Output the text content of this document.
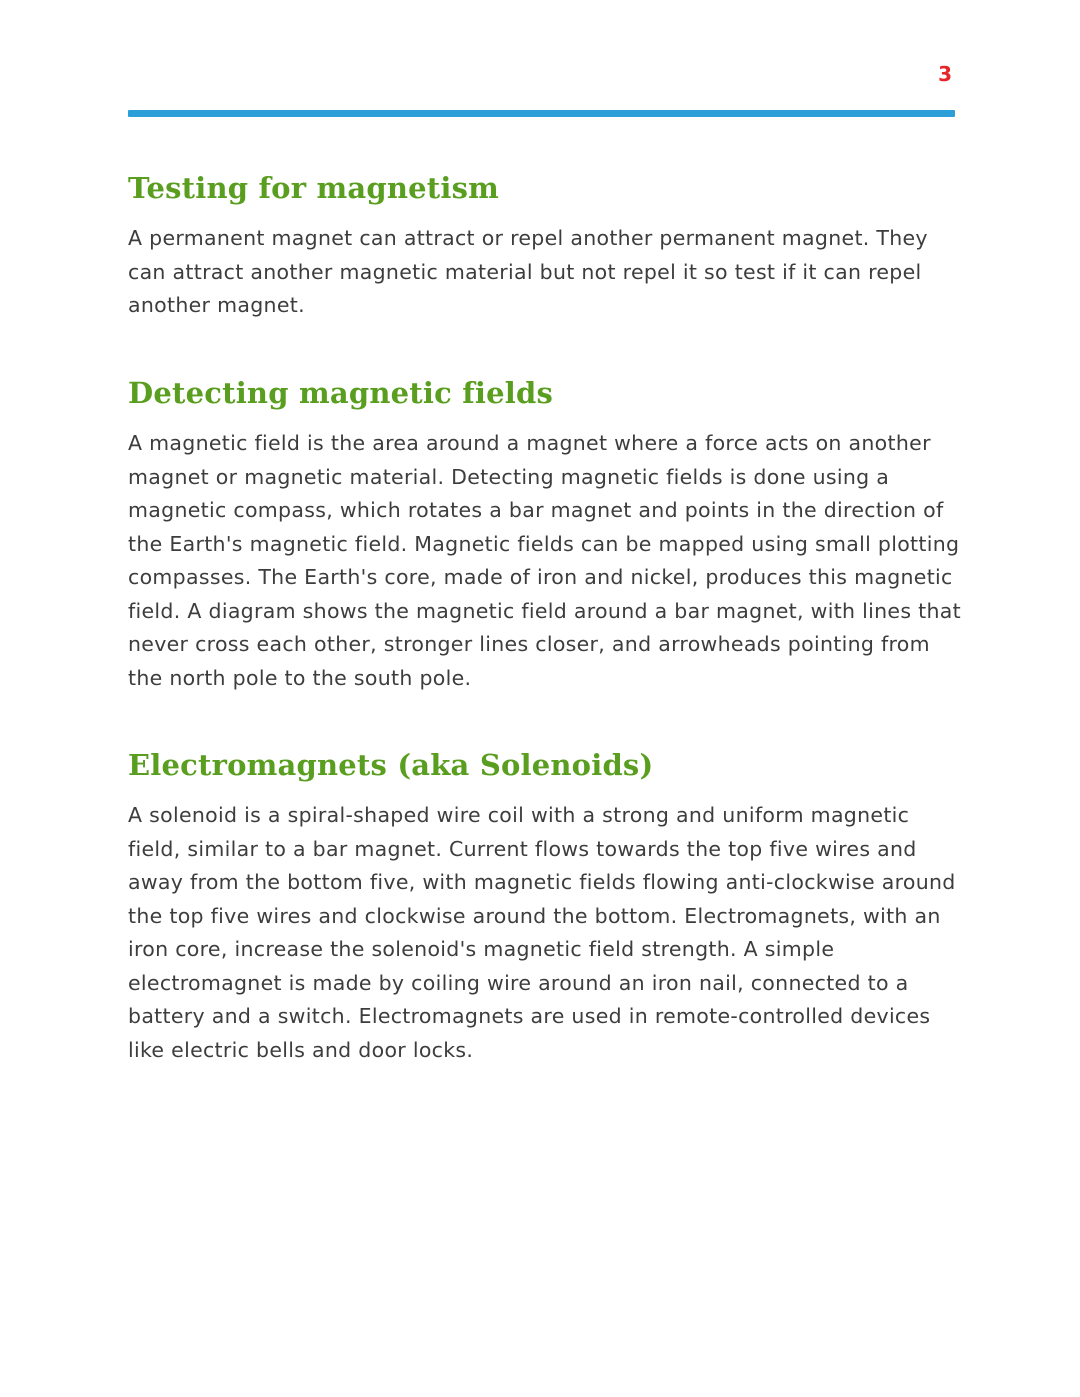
3
Testing for magnetism

A permanent magnet can attract or repel another permanent magnet. They can attract another magnetic material but not repel it so test if it can repel another magnet.

Detecting magnetic fields

A magnetic field is the area around a magnet where a force acts on another magnet or magnetic material. Detecting magnetic fields is done using a magnetic compass, which rotates a bar magnet and points in the direction of the Earth's magnetic field. Magnetic fields can be mapped using small plotting compasses. The Earth's core, made of iron and nickel, produces this magnetic field. A diagram shows the magnetic field around a bar magnet, with lines that never cross each other, stronger lines closer, and arrowheads pointing from the north pole to the south pole.

Electromagnets (aka Solenoids)

A solenoid is a spiral-shaped wire coil with a strong and uniform magnetic field, similar to a bar magnet. Current flows towards the top five wires and away from the bottom five, with magnetic fields flowing anti-clockwise around the top five wires and clockwise around the bottom. Electromagnets, with an iron core, increase the solenoid's magnetic field strength. A simple electromagnet is made by coiling wire around an iron nail, connected to a battery and a switch. Electromagnets are used in remote-controlled devices like electric bells and door locks.
